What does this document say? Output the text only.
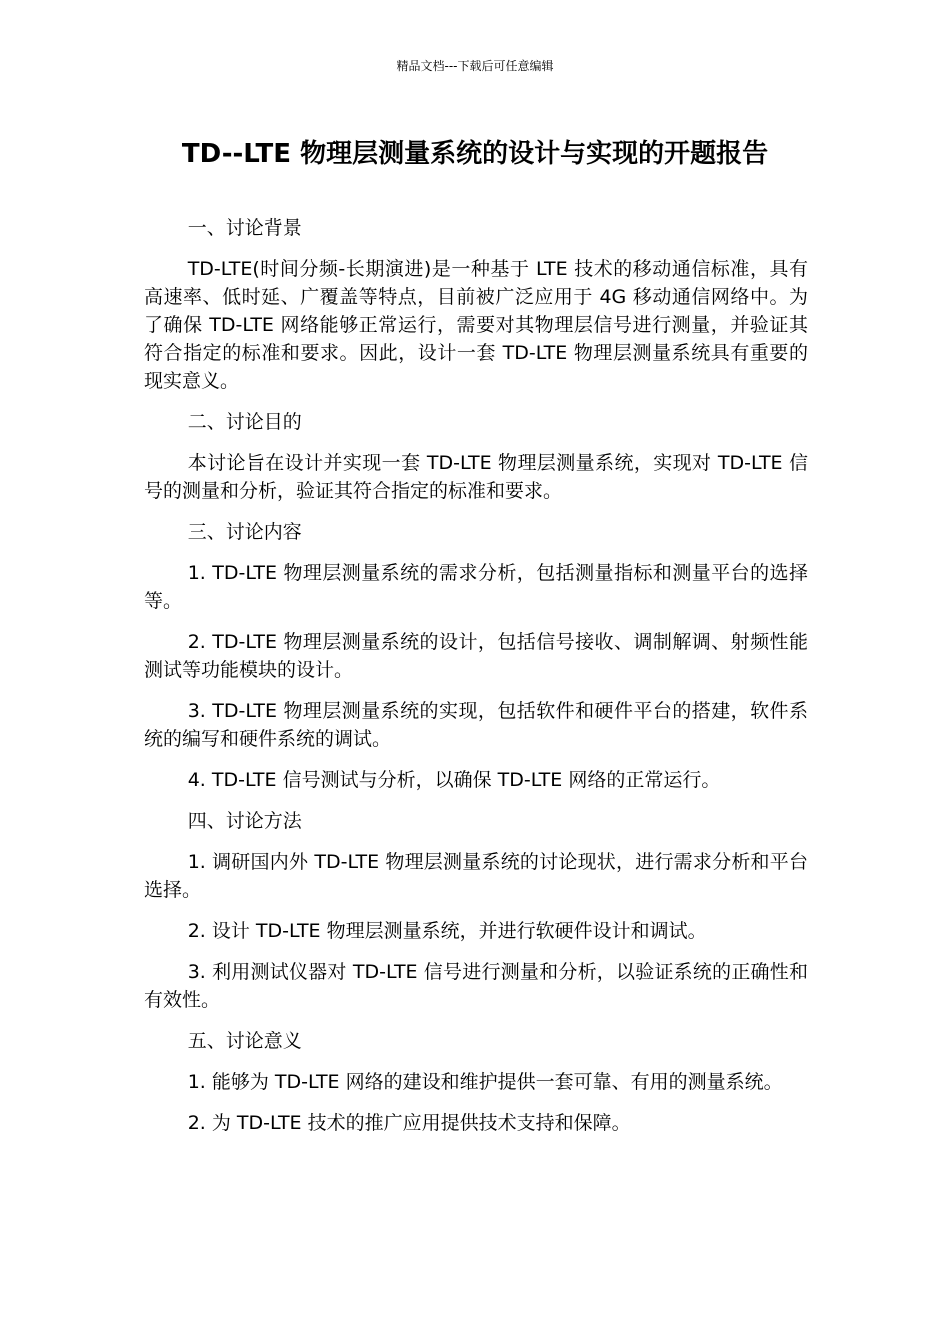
精品文档---下载后可任意编辑
TD--LTE 物理层测量系统的设计与实现的开题报告

一、讨论背景

TD-LTE(时间分频-长期演进)是一种基于 LTE 技术的移动通信标准，具有高速率、低时延、广覆盖等特点，目前被广泛应用于 4G 移动通信网络中。为了确保 TD-LTE 网络能够正常运行，需要对其物理层信号进行测量，并验证其符合指定的标准和要求。因此，设计一套 TD-LTE 物理层测量系统具有重要的现实意义。

二、讨论目的

本讨论旨在设计并实现一套 TD-LTE 物理层测量系统，实现对 TD-LTE 信号的测量和分析，验证其符合指定的标准和要求。

三、讨论内容

1. TD-LTE 物理层测量系统的需求分析，包括测量指标和测量平台的选择等。

2. TD-LTE 物理层测量系统的设计，包括信号接收、调制解调、射频性能测试等功能模块的设计。

3. TD-LTE 物理层测量系统的实现，包括软件和硬件平台的搭建，软件系统的编写和硬件系统的调试。

4. TD-LTE 信号测试与分析，以确保 TD-LTE 网络的正常运行。

四、讨论方法

1. 调研国内外 TD-LTE 物理层测量系统的讨论现状，进行需求分析和平台选择。

2. 设计 TD-LTE 物理层测量系统，并进行软硬件设计和调试。

3. 利用测试仪器对 TD-LTE 信号进行测量和分析，以验证系统的正确性和有效性。

五、讨论意义

1. 能够为 TD-LTE 网络的建设和维护提供一套可靠、有用的测量系统。

2. 为 TD-LTE 技术的推广应用提供技术支持和保障。
